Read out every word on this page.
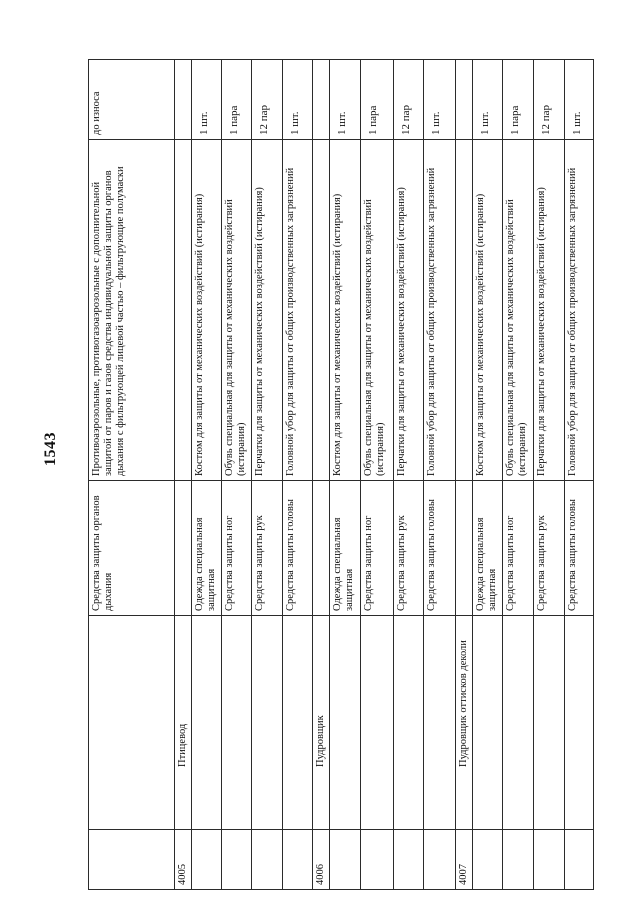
1543
		Средства защиты органов дыхания	Противоаэрозольные, противогазоаэрозольные с дополнительной защитой от паров и газов средства индивидуальной защиты органов дыхания с фильтрующей лицевой частью – фильтрующие полумаски	до износа
4005	Птицевод			
		Одежда специальная защитная	Костюм для защиты от механических воздействий (истирания)	1 шт.
		Средства защиты ног	Обувь специальная для защиты от механических воздействий (истирания)	1 пара
		Средства защиты рук	Перчатки для защиты от механических воздействий (истирания)	12 пар
		Средства защиты головы	Головной убор для защиты от общих производственных загрязнений	1 шт.
4006	Пудровщик			
		Одежда специальная защитная	Костюм для защиты от механических воздействий (истирания)	1 шт.
		Средства защиты ног	Обувь специальная для защиты от механических воздействий (истирания)	1 пара
		Средства защиты рук	Перчатки для защиты от механических воздействий (истирания)	12 пар
		Средства защиты головы	Головной убор для защиты от общих производственных загрязнений	1 шт.
4007	Пудровщик оттисков деколи			
		Одежда специальная защитная	Костюм для защиты от механических воздействий (истирания)	1 шт.
		Средства защиты ног	Обувь специальная для защиты от механических воздействий (истирания)	1 пара
		Средства защиты рук	Перчатки для защиты от механических воздействий (истирания)	12 пар
		Средства защиты головы	Головной убор для защиты от общих производственных загрязнений	1 шт.
